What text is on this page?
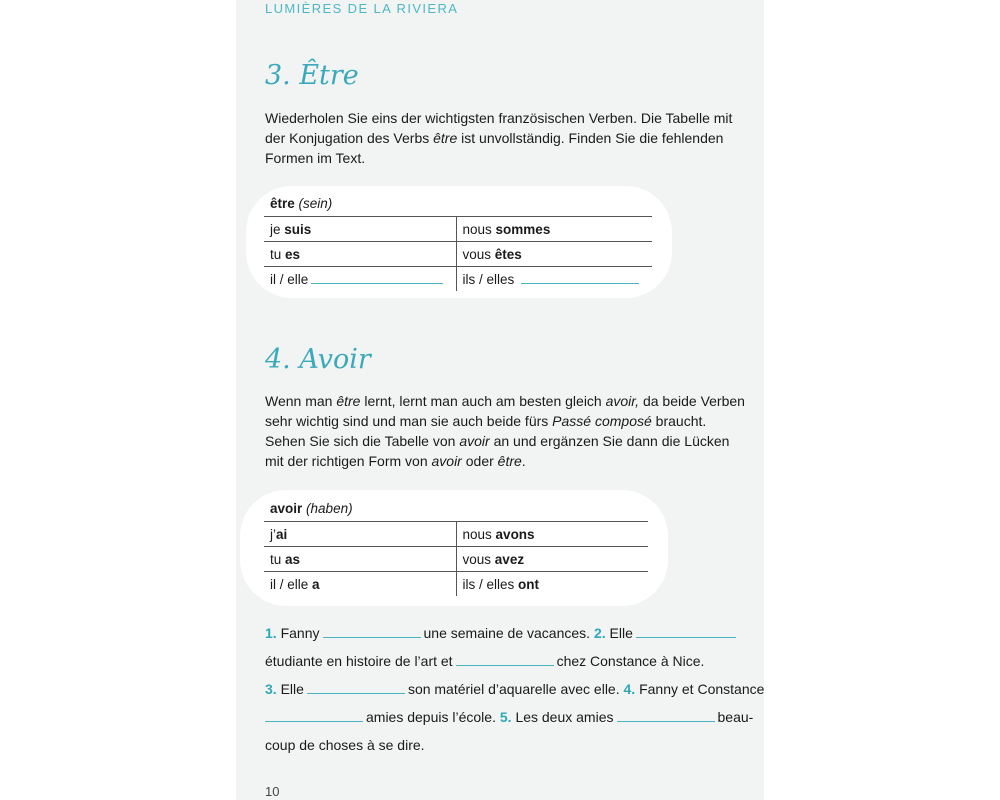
LUMIÈRES DE LA RIVIERA
3. Être
Wiederholen Sie eins der wichtigsten französischen Verben. Die Tabelle mit
der Konjugation des Verbs être ist unvollständig. Finden Sie die fehlenden
Formen im Text.
être (sein)	
je suis	nous sommes
tu es	vous êtes
il / elle	ils / elles
4. Avoir
Wenn man être lernt, lernt man auch am besten gleich avoir, da beide Verben
sehr wichtig sind und man sie auch beide fürs Passé composé braucht.
Sehen Sie sich die Tabelle von avoir an und ergänzen Sie dann die Lücken
mit der richtigen Form von avoir oder être.
avoir (haben)	
j’ai	nous avons
tu as	vous avez
il / elle a	ils / elles ont
1. Fanny	une semaine de vacances. 2. Elle
étudiante en histoire de l’art et	chez Constance à Nice.
3. Elle	son matériel d’aquarelle avec elle. 4. Fanny et Constance
amies depuis l’école. 5. Les deux amies	beau-
coup de choses à se dire.
10
